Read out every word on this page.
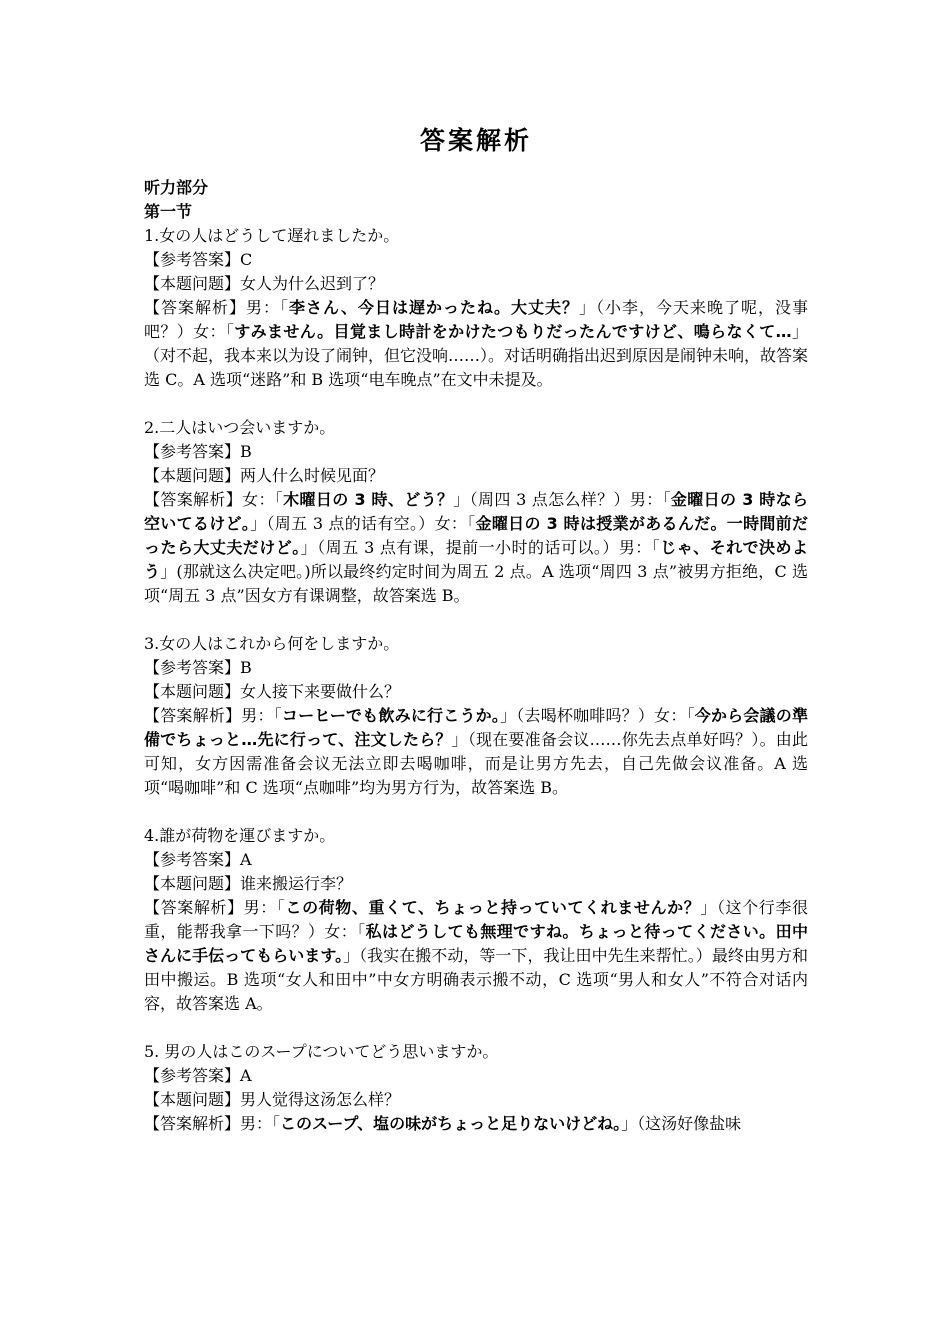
答案解析

听力部分

第一节

1.女の人はどうして遅れましたか。

【参考答案】C

【本题问题】女人为什么迟到了？

【答案解析】男：「李さん、今日は遅かったね。大丈夫？」（小李，今天来晚了呢，没事吧？）女：「すみません。目覚まし時計をかけたつもりだったんですけど、鳴らなくて…」（对不起，我本来以为设了闹钟，但它没响……）。对话明确指出迟到原因是闹钟未响，故答案选 C。A 选项“迷路”和 B 选项“电车晚点”在文中未提及。

2.二人はいつ会いますか。

【参考答案】B

【本题问题】两人什么时候见面？

【答案解析】女：「木曜日の 3 時、どう？」（周四 3 点怎么样？）男：「金曜日の 3 時なら空いてるけど。」（周五 3 点的话有空。）女：「金曜日の 3 時は授業があるんだ。一時間前だったら大丈夫だけど。」（周五 3 点有课，提前一小时的话可以。）男：「じゃ、それで決めよう」(那就这么决定吧。)所以最终约定时间为周五 2 点。A 选项“周四 3 点”被男方拒绝，C 选项“周五 3 点”因女方有课调整，故答案选 B。

3.女の人はこれから何をしますか。

【参考答案】B

【本题问题】女人接下来要做什么？

【答案解析】男：「コーヒーでも飲みに行こうか。」（去喝杯咖啡吗？）女：「今から会議の準備でちょっと…先に行って、注文したら？」（现在要准备会议……你先去点单好吗？）。由此可知，女方因需准备会议无法立即去喝咖啡，而是让男方先去，自己先做会议准备。A 选项“喝咖啡”和 C 选项“点咖啡”均为男方行为，故答案选 B。

4.誰が荷物を運びますか。

【参考答案】A

【本题问题】谁来搬运行李？

【答案解析】男：「この荷物、重くて、ちょっと持っていてくれませんか？」（这个行李很重，能帮我拿一下吗？）女：「私はどうしても無理ですね。ちょっと待ってください。田中さんに手伝ってもらいます。」（我实在搬不动，等一下，我让田中先生来帮忙。）最终由男方和田中搬运。B 选项“女人和田中”中女方明确表示搬不动，C 选项“男人和女人”不符合对话内容，故答案选 A。

5. 男の人はこのスープについてどう思いますか。

【参考答案】A

【本题问题】男人觉得这汤怎么样？

【答案解析】男：「このスープ、塩の味がちょっと足りないけどね。」（这汤好像盐味
